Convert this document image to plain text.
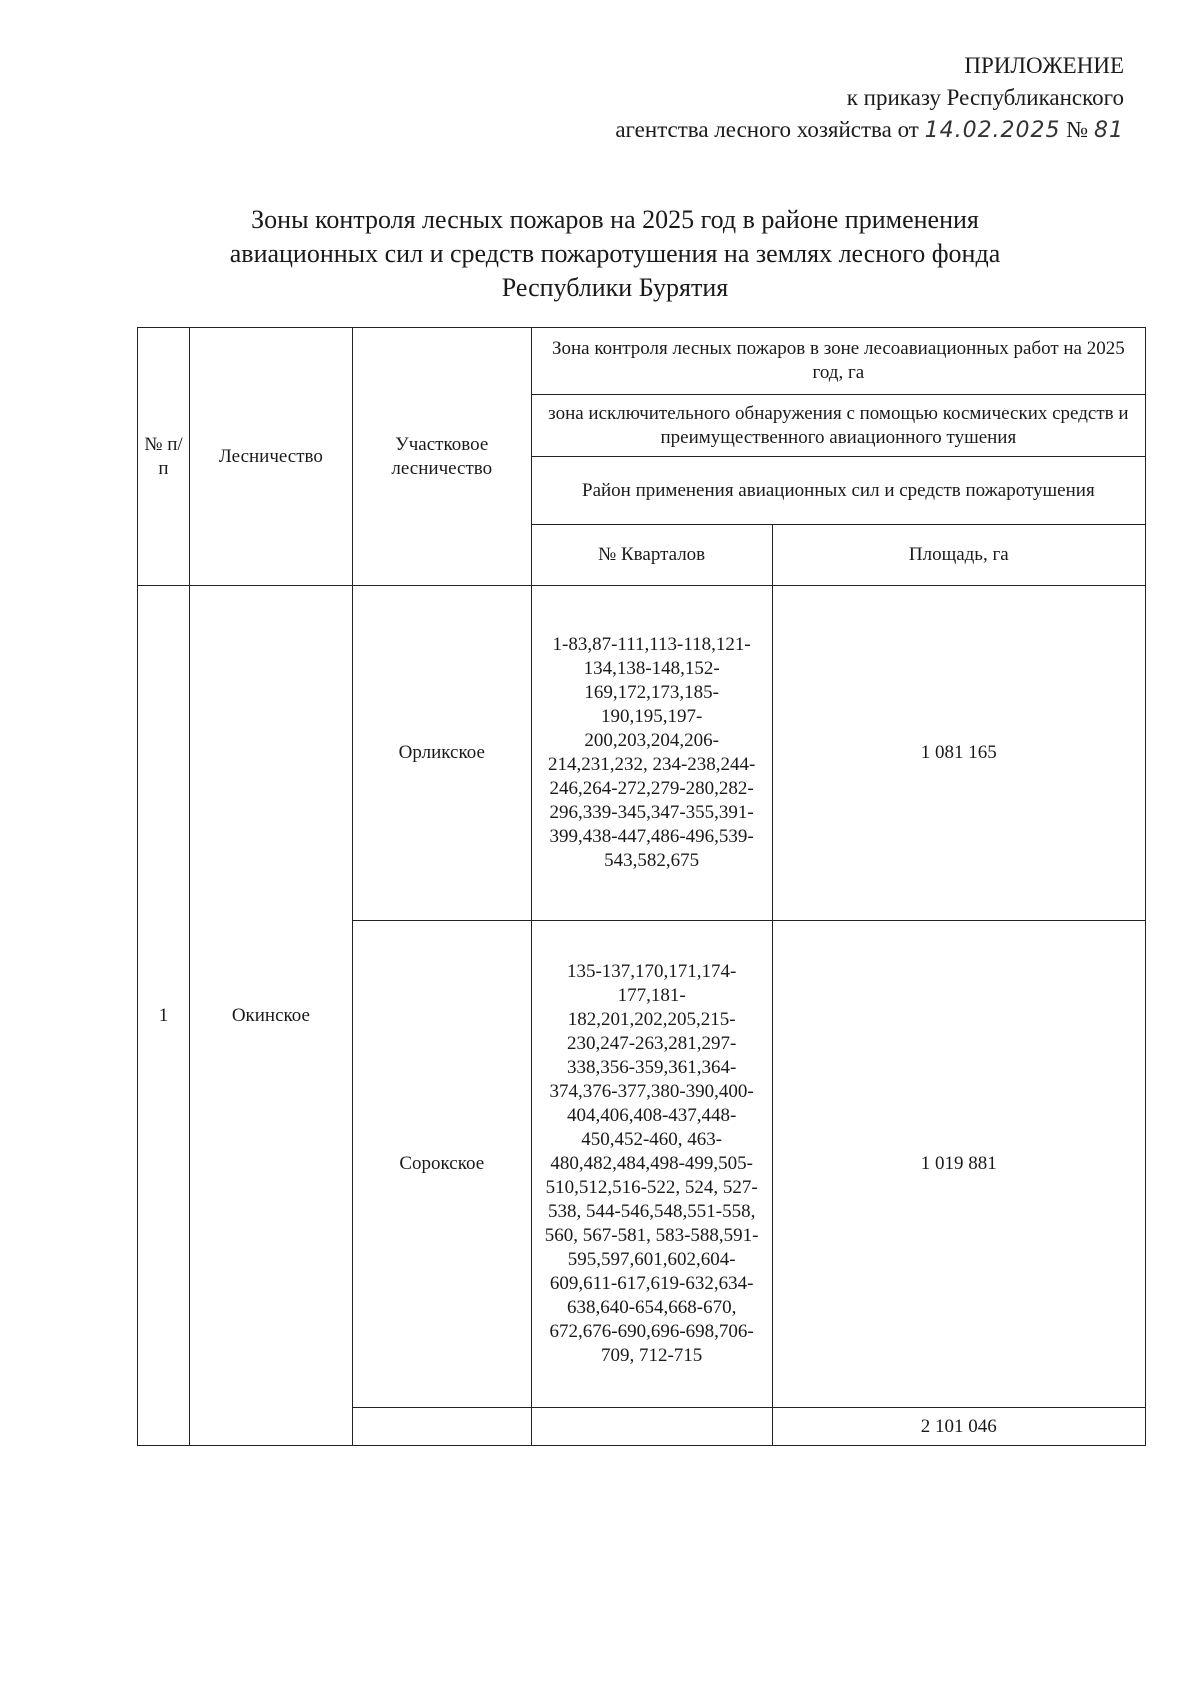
ПРИЛОЖЕНИЕ
к приказу Республиканского
агентства лесного хозяйства от 14.02.2025 № 81
Зоны контроля лесных пожаров на 2025 год в районе применения
авиационных сил и средств пожаротушения на землях лесного фонда
Республики Бурятия
№ п/п	Лесничество	Участковое лесничество	Зона контроля лесных пожаров в зоне лесоавиационных работ на 2025 год, га	
			зона исключительного обнаружения с помощью космических средств и преимущественного авиационного тушения	
			Район применения авиационных сил и средств пожаротушения	
			№ Кварталов	Площадь, га
1	Окинское	Орликское	1-83,87-111,113-118,121-134,138-148,152-169,172,173,185-190,195,197-200,203,204,206-214,231,232, 234-238,244-246,264-272,279-280,282-296,339-345,347-355,391-399,438-447,486-496,539-543,582,675	1 081 165
		Сорокское	135-137,170,171,174-177,181-182,201,202,205,215-230,247-263,281,297-338,356-359,361,364-374,376-377,380-390,400-404,406,408-437,448-450,452-460, 463-480,482,484,498-499,505-510,512,516-522, 524, 527-538, 544-546,548,551-558, 560, 567-581, 583-588,591-595,597,601,602,604-609,611-617,619-632,634-638,640-654,668-670, 672,676-690,696-698,706-709, 712-715	1 019 881
				2 101 046
